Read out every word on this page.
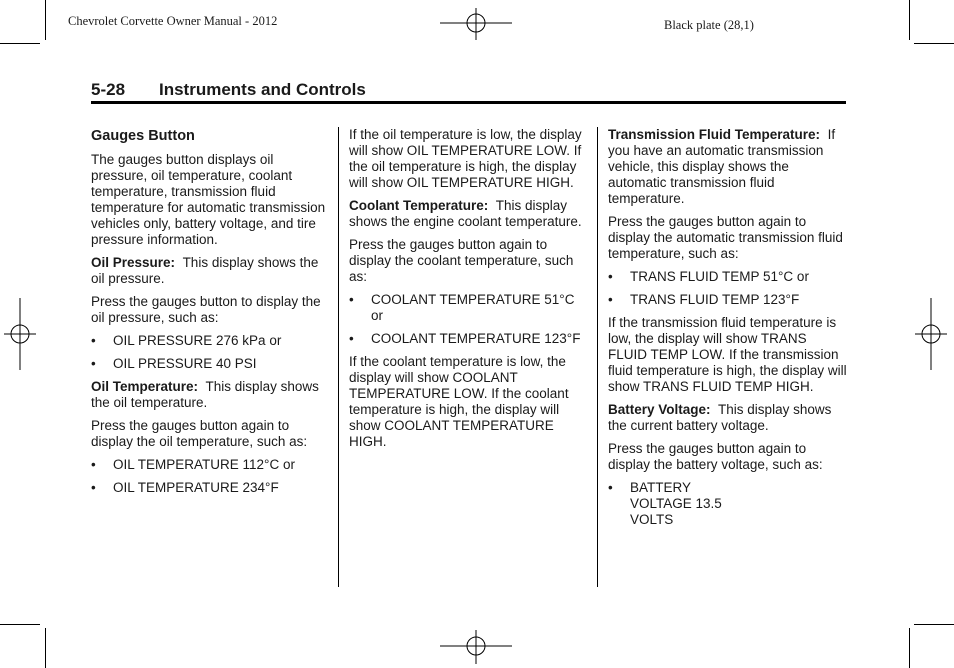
Chevrolet Corvette Owner Manual - 2012	Black plate (28,1)
5-28 Instruments and Controls
Gauges Button

The gauges button displays oil pressure, oil temperature, coolant temperature, transmission fluid temperature for automatic transmission vehicles only, battery voltage, and tire pressure information.

Oil Pressure: This display shows the oil pressure.

Press the gauges button to display the oil pressure, such as:

• OIL PRESSURE 276 kPa or
• OIL PRESSURE 40 PSI

Oil Temperature: This display shows the oil temperature.

Press the gauges button again to display the oil temperature, such as:

• OIL TEMPERATURE 112°C or
• OIL TEMPERATURE 234°F

If the oil temperature is low, the display will show OIL TEMPERATURE LOW. If the oil temperature is high, the display will show OIL TEMPERATURE HIGH.

Coolant Temperature: This display shows the engine coolant temperature.

Press the gauges button again to display the coolant temperature, such as:

• COOLANT TEMPERATURE 51°C or
• COOLANT TEMPERATURE 123°F

If the coolant temperature is low, the display will show COOLANT TEMPERATURE LOW. If the coolant temperature is high, the display will show COOLANT TEMPERATURE HIGH.

Transmission Fluid Temperature: If you have an automatic transmission vehicle, this display shows the automatic transmission fluid temperature.

Press the gauges button again to display the automatic transmission fluid temperature, such as:

• TRANS FLUID TEMP 51°C or
• TRANS FLUID TEMP 123°F

If the transmission fluid temperature is low, the display will show TRANS FLUID TEMP LOW. If the transmission fluid temperature is high, the display will show TRANS FLUID TEMP HIGH.

Battery Voltage: This display shows the current battery voltage.

Press the gauges button again to display the battery voltage, such as:

• BATTERY VOLTAGE 13.5 VOLTS
